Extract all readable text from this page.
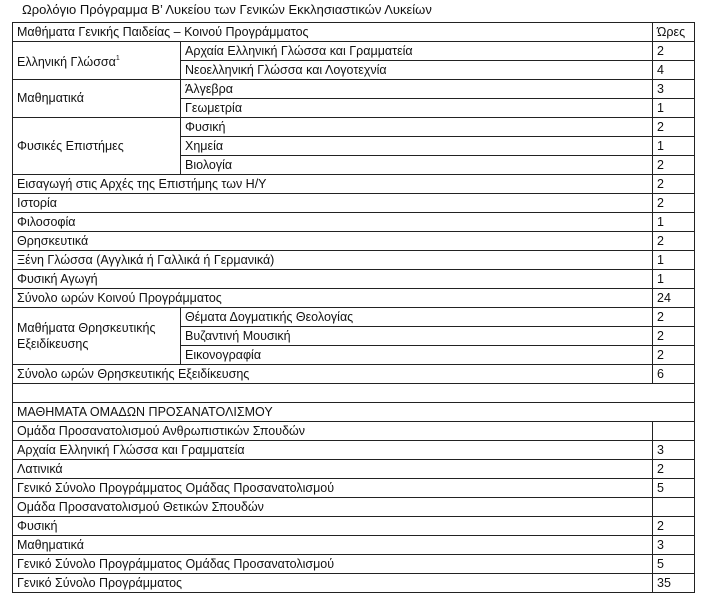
Ωρολόγιο Πρόγραμμα Β’ Λυκείου των Γενικών Εκκλησιαστικών Λυκείων
Μαθήματα Γενικής Παιδείας – Κοινού Προγράμματος		Ώρες
Ελληνική Γλώσσα$^1$	Αρχαία Ελληνική Γλώσσα και Γραμματεία	2
	Νεοελληνική Γλώσσα και Λογοτεχνία	4
Μαθηματικά	Άλγεβρα	3
	Γεωμετρία	1
Φυσικές Επιστήμες	Φυσική	2
	Χημεία	1
	Βιολογία	2
Εισαγωγή στις Αρχές της Επιστήμης των Η/Υ		2
Ιστορία		2
Φιλοσοφία		1
Θρησκευτικά		2
Ξένη Γλώσσα (Αγγλικά ή Γαλλικά ή Γερμανικά)		1
Φυσική Αγωγή		1
Σύνολο ωρών Κοινού Προγράμματος		24
Μαθήματα Θρησκευτικής
Εξειδίκευσης	Θέματα Δογματικής Θεολογίας	2
	Βυζαντινή Μουσική	2
	Εικονογραφία	2
Σύνολο ωρών Θρησκευτικής Εξειδίκευσης		6

ΜΑΘΗΜΑΤΑ ΟΜΑΔΩΝ ΠΡΟΣΑΝΑΤΟΛΙΣΜΟΥ		
Ομάδα Προσανατολισμού Ανθρωπιστικών Σπουδών		
Αρχαία Ελληνική Γλώσσα και Γραμματεία		3
Λατινικά		2
Γενικό Σύνολο Προγράμματος Ομάδας Προσανατολισμού		5
Ομάδα Προσανατολισμού Θετικών Σπουδών		
Φυσική		2
Μαθηματικά		3
Γενικό Σύνολο Προγράμματος Ομάδας Προσανατολισμού		5
Γενικό Σύνολο Προγράμματος		35
